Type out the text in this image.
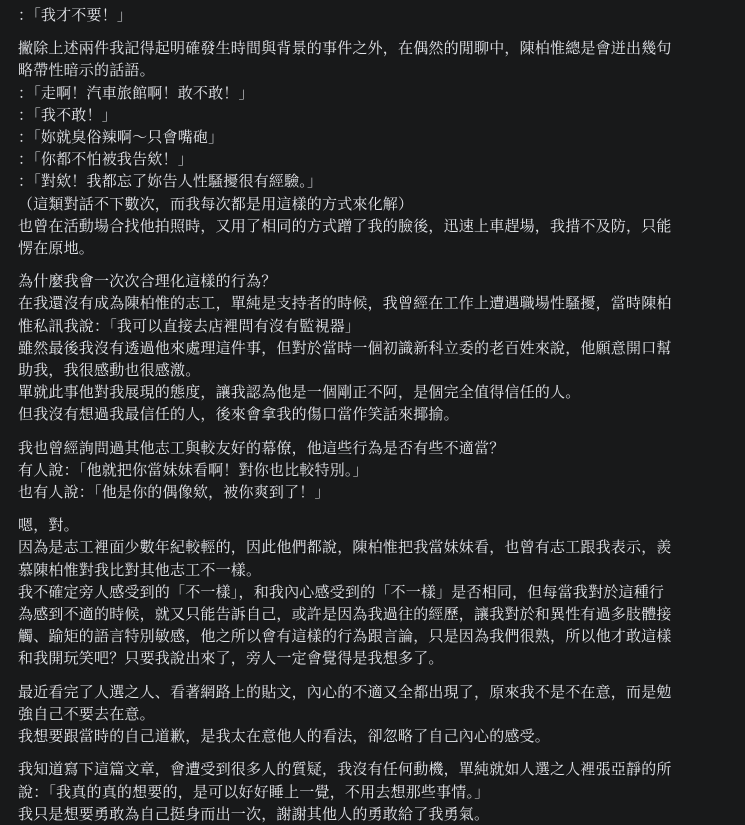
：「我才不要！」
撇除上述兩件我記得起明確發生時間與背景的事件之外，在偶然的閒聊中，陳柏惟總是會迸出幾句
略帶性暗示的話語。
：「走啊！汽車旅館啊！敢不敢！」
：「我不敢！」
：「妳就臭俗辣啊～只會嘴砲」
：「你都不怕被我告欸！」
：「對欸！我都忘了妳告人性騷擾很有經驗。」
（這類對話不下數次，而我每次都是用這樣的方式來化解）
也曾在活動場合找他拍照時，又用了相同的方式蹭了我的臉後，迅速上車趕場，我措不及防，只能
愣在原地。
為什麼我會一次次合理化這樣的行為？
在我還沒有成為陳柏惟的志工，單純是支持者的時候，我曾經在工作上遭遇職場性騷擾，當時陳柏
惟私訊我說：「我可以直接去店裡問有沒有監視器」
雖然最後我沒有透過他來處理這件事，但對於當時一個初識新科立委的老百姓來說，他願意開口幫
助我，我很感動也很感激。
單就此事他對我展現的態度，讓我認為他是一個剛正不阿，是個完全值得信任的人。
但我沒有想過我最信任的人，後來會拿我的傷口當作笑話來揶揄。
我也曾經詢問過其他志工與較友好的幕僚，他這些行為是否有些不適當？
有人說：「他就把你當妹妹看啊！對你也比較特別。」
也有人說：「他是你的偶像欸，被你爽到了！」
嗯，對。
因為是志工裡面少數年紀較輕的，因此他們都說，陳柏惟把我當妹妹看，也曾有志工跟我表示，羨
慕陳柏惟對我比對其他志工不一樣。
我不確定旁人感受到的「不一樣」，和我內心感受到的「不一樣」是否相同，但每當我對於這種行
為感到不適的時候，就又只能告訴自己，或許是因為我過往的經歷，讓我對於和異性有過多肢體接
觸、踰矩的語言特別敏感，他之所以會有這樣的行為跟言論，只是因為我們很熟，所以他才敢這樣
和我開玩笑吧？只要我說出來了，旁人一定會覺得是我想多了。
最近看完了人選之人、看著網路上的貼文，內心的不適又全都出現了，原來我不是不在意，而是勉
強自己不要去在意。
我想要跟當時的自己道歉，是我太在意他人的看法，卻忽略了自己內心的感受。
我知道寫下這篇文章，會遭受到很多人的質疑，我沒有任何動機，單純就如人選之人裡張亞靜的所
說：「我真的真的想要的，是可以好好睡上一覺，不用去想那些事情。」
我只是想要勇敢為自己挺身而出一次，謝謝其他人的勇敢給了我勇氣。
